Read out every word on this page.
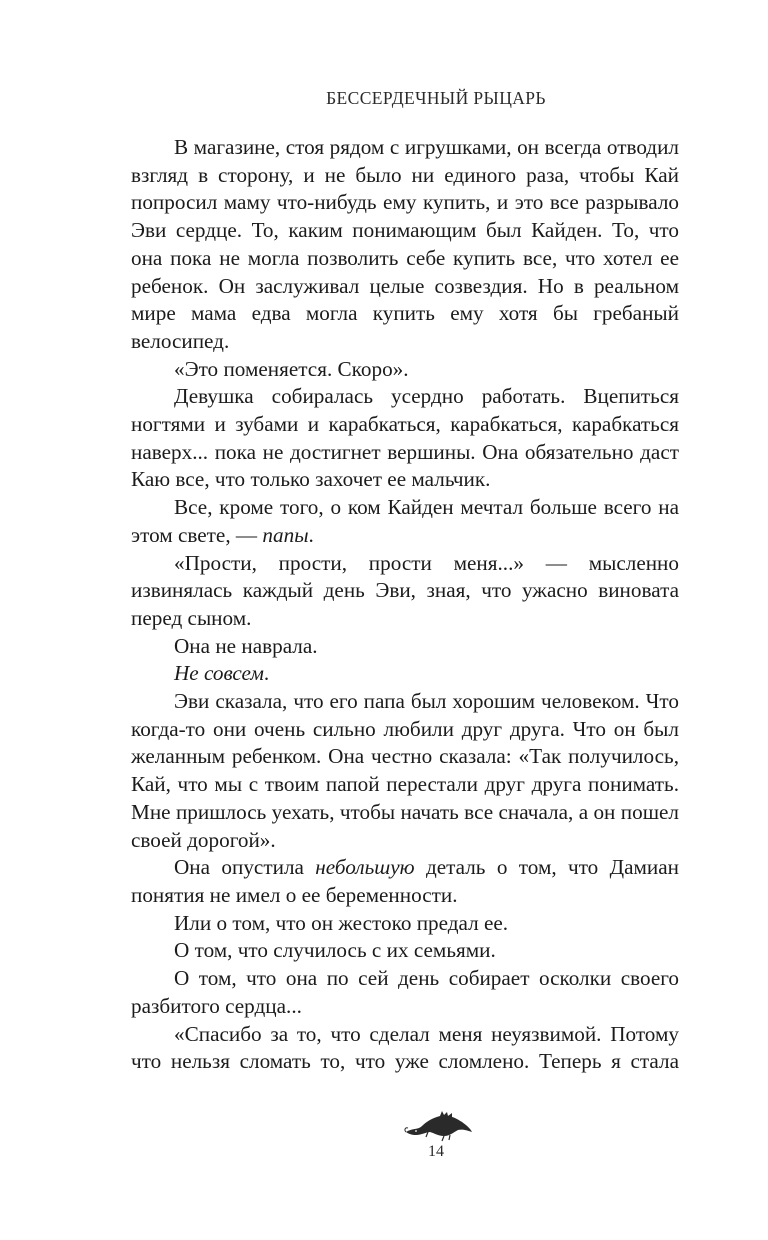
БЕССЕРДЕЧНЫЙ РЫЦАРЬ

В магазине, стоя рядом с игрушками, он всегда отводил взгляд в сторону, и не было ни единого раза, чтобы Кай попросил маму что-нибудь ему купить, и это все разрывало Эви сердце. То, каким понимающим был Кайден. То, что она пока не могла позволить себе купить все, что хотел ее ребенок. Он заслуживал целые созвездия. Но в реальном мире мама едва могла купить ему хотя бы гребаный велосипед.

«Это поменяется. Скоро».

Девушка собиралась усердно работать. Вцепиться ногтями и зубами и карабкаться, карабкаться, карабкаться наверх... пока не достигнет вершины. Она обязательно даст Каю все, что только захочет ее мальчик.

Все, кроме того, о ком Кайден мечтал больше всего на этом свете, — папы.

«Прости, прости, прости меня...» — мысленно извинялась каждый день Эви, зная, что ужасно виновата перед сыном.

Она не наврала.

Не совсем.

Эви сказала, что его папа был хорошим человеком. Что когда-то они очень сильно любили друг друга. Что он был желанным ребенком. Она честно сказала: «Так получилось, Кай, что мы с твоим папой перестали друг друга понимать. Мне пришлось уехать, чтобы начать все сначала, а он пошел своей дорогой».

Она опустила небольшую деталь о том, что Дамиан понятия не имел о ее беременности.

Или о том, что он жестоко предал ее.

О том, что случилось с их семьями.

О том, что она по сей день собирает осколки своего разбитого сердца...

«Спасибо за то, что сделал меня неуязвимой. Потому что нельзя сломать то, что уже сломлено. Теперь я стала

14
